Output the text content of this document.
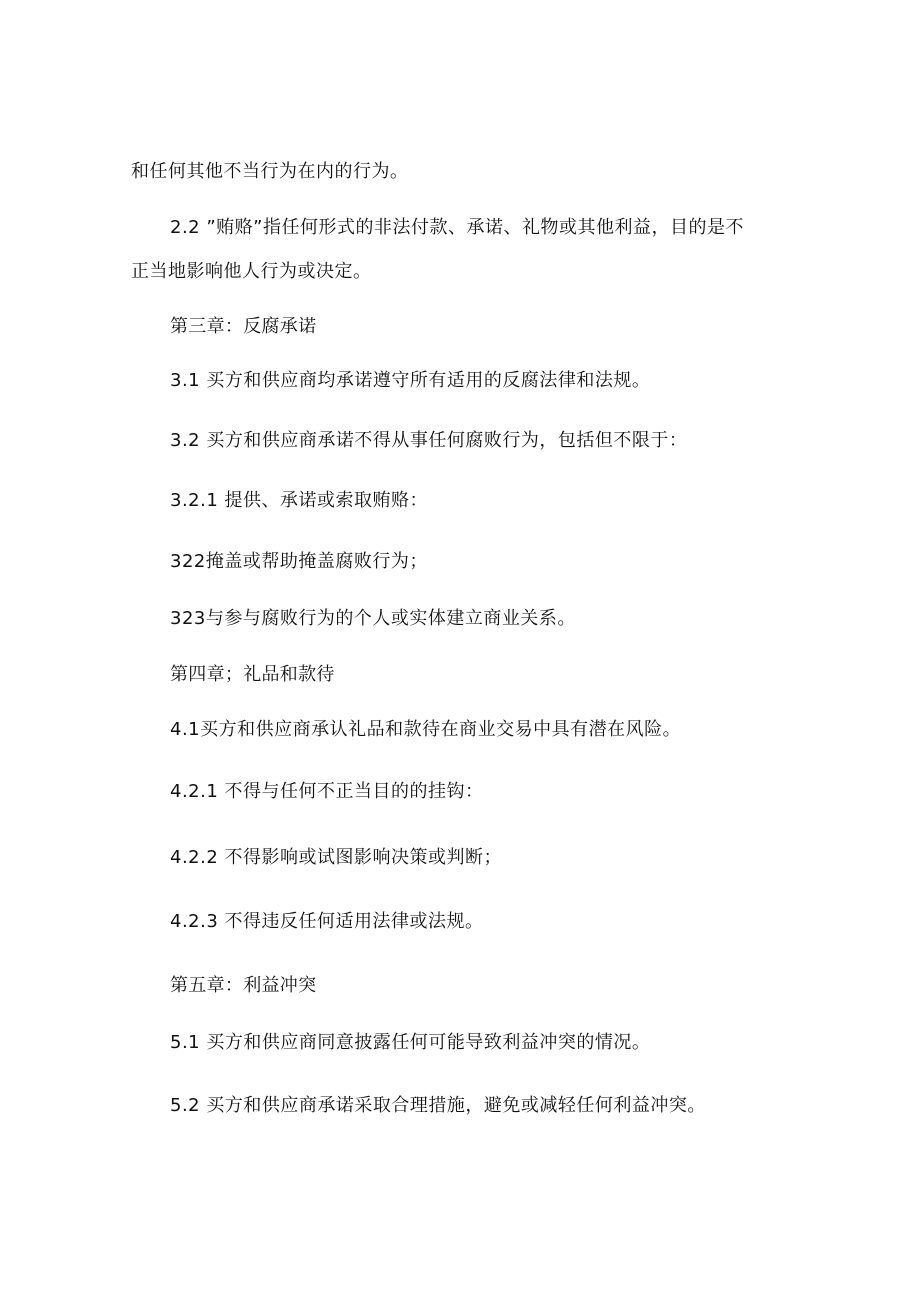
和任何其他不当行为在内的行为。
2.2 ”贿赂”指任何形式的非法付款、承诺、礼物或其他利益，目的是不
正当地影响他人行为或决定。
第三章：反腐承诺
3.1 买方和供应商均承诺遵守所有适用的反腐法律和法规。
3.2 买方和供应商承诺不得从事任何腐败行为，包括但不限于：
3.2.1 提供、承诺或索取贿赂：
322掩盖或帮助掩盖腐败行为；
323与参与腐败行为的个人或实体建立商业关系。
第四章；礼品和款待
4.1买方和供应商承认礼品和款待在商业交易中具有潜在风险。
4.2.1 不得与任何不正当目的的挂钩：
4.2.2 不得影响或试图影响决策或判断；
4.2.3 不得违反任何适用法律或法规。
第五章：利益冲突
5.1 买方和供应商同意披露任何可能导致利益冲突的情况。
5.2 买方和供应商承诺采取合理措施，避免或减轻任何利益冲突。
